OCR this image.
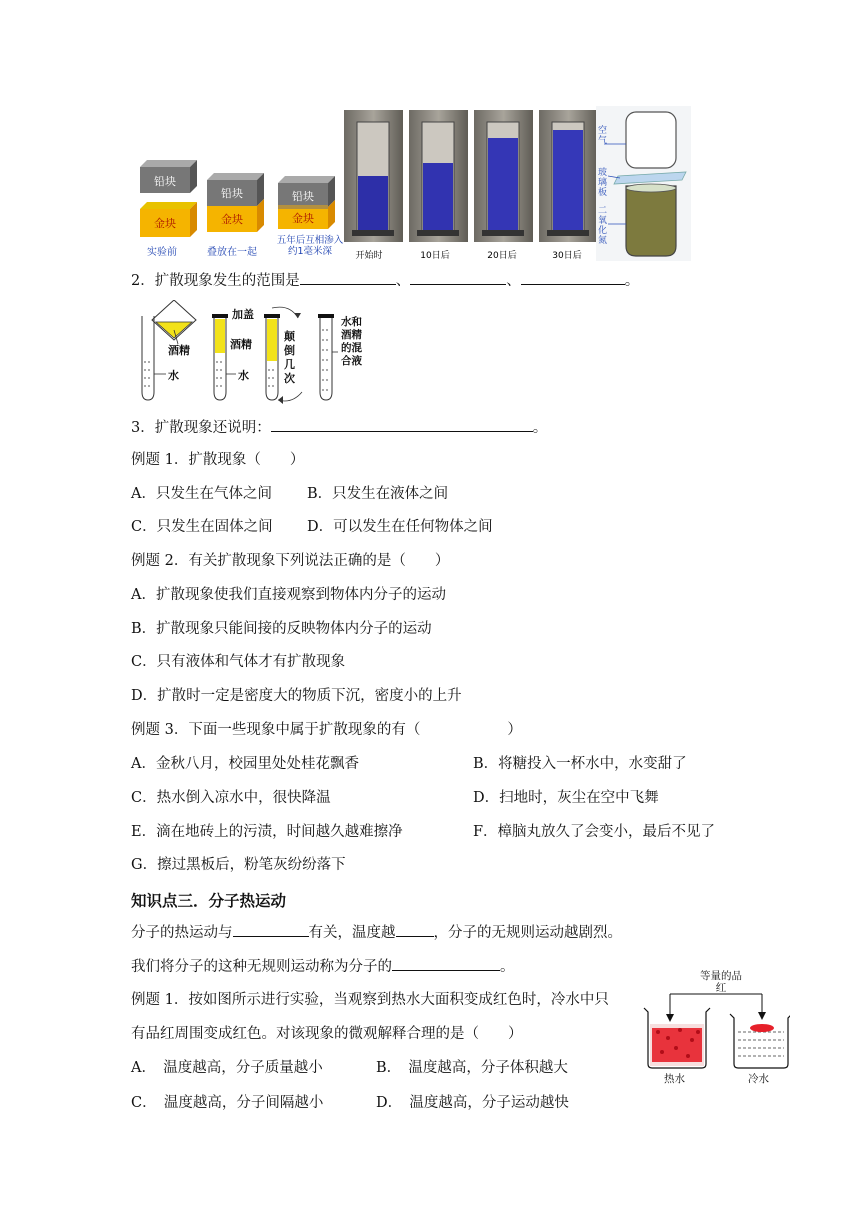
铅块
金块
铅块
金块
铅块
金块
实验前	叠放在一起
五年后互相渗入约1毫米深	开始时	10日后	20日后	30日后
空气
玻璃板
二氧化氮
2．扩散现象发生的范围是	、	、	。
酒精
水
加盖
酒精
水
颠倒几次
水和酒精的混合液
3．扩散现象还说明：	。
例题 1．扩散现象（　　）
A．只发生在气体之间 B．只发生在液体之间
C．只发生在固体之间 D．可以发生在任何物体之间
例题 2．有关扩散现象下列说法正确的是（　　）
A．扩散现象使我们直接观察到物体内分子的运动
B．扩散现象只能间接的反映物体内分子的运动
C．只有液体和气体才有扩散现象
D．扩散时一定是密度大的物质下沉，密度小的上升
例题 3．下面一些现象中属于扩散现象的有（　　　　　　）
A．金秋八月，校园里处处桂花飘香	B．将糖投入一杯水中，水变甜了
C．热水倒入凉水中，很快降温	D．扫地时，灰尘在空中飞舞
E．滴在地砖上的污渍，时间越久越难擦净	F．樟脑丸放久了会变小，最后不见了
G．擦过黑板后，粉笔灰纷纷落下
知识点三．分子热运动
分子的热运动与	有关，温度越	，分子的无规则运动越剧烈。
我们将分子的这种无规则运动称为分子的	。
例题 1．按如图所示进行实验，当观察到热水大面积变成红色时，冷水中只
有品红周围变成红色。对该现象的微观解释合理的是（　　）
A．　温度越高，分子质量越小	B．　温度越高，分子体积越大
C．　温度越高，分子间隔越小	D．　温度越高，分子运动越快
等量的品红
热水	冷水
